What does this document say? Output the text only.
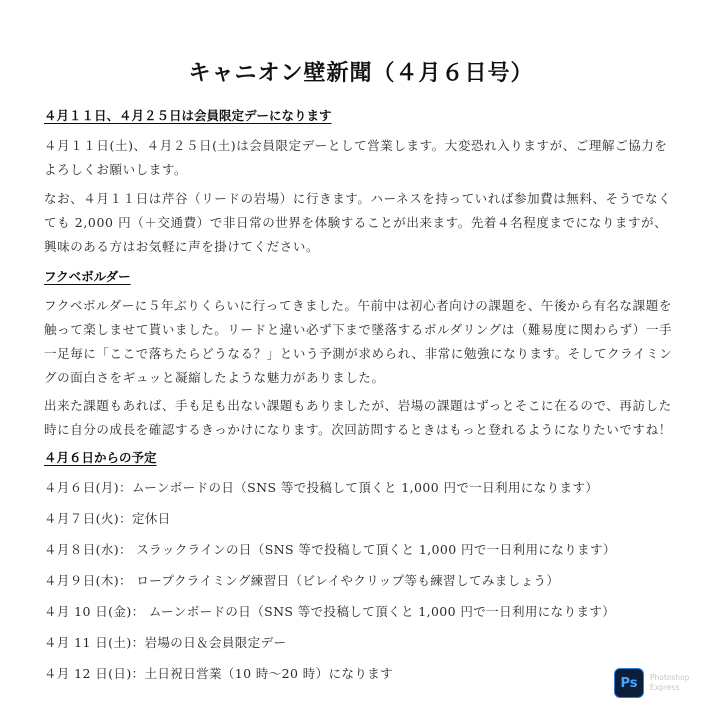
キャニオン壁新聞（４月６日号）
４月１１日、４月２５日は会員限定デーになります

４月１１日(土)、４月２５日(土)は会員限定デーとして営業します。大変恐れ入りますが、ご理解ご協力をよろしくお願いします。

なお、４月１１日は芹谷（リードの岩場）に行きます。ハーネスを持っていれば参加費は無料、そうでなくても 2,000 円（＋交通費）で非日常の世界を体験することが出来ます。先着４名程度までになりますが、興味のある方はお気軽に声を掛けてください。

フクベボルダー

フクベボルダーに５年ぶりくらいに行ってきました。午前中は初心者向けの課題を、午後から有名な課題を触って楽しませて貰いました。リードと違い必ず下まで墜落するボルダリングは（難易度に関わらず）一手一足毎に「ここで落ちたらどうなる？」という予測が求められ、非常に勉強になります。そしてクライミングの面白さをギュッと凝縮したような魅力がありました。

出来た課題もあれば、手も足も出ない課題もありましたが、岩場の課題はずっとそこに在るので、再訪した時に自分の成長を確認するきっかけになります。次回訪問するときはもっと登れるようになりたいですね！

４月６日からの予定
４月６日(月)：ムーンボードの日（SNS 等で投稿して頂くと 1,000 円で一日利用になります）
４月７日(火)：定休日
４月８日(水)： スラックラインの日（SNS 等で投稿して頂くと 1,000 円で一日利用になります）
４月９日(木)： ロープクライミング練習日（ビレイやクリップ等も練習してみましょう）
４月 10 日(金)： ムーンボードの日（SNS 等で投稿して頂くと 1,000 円で一日利用になります）
４月 11 日(土)：岩場の日＆会員限定デー
４月 12 日(日)：土日祝日営業（10 時〜20 時）になります
Ps	Photoshop
Express
